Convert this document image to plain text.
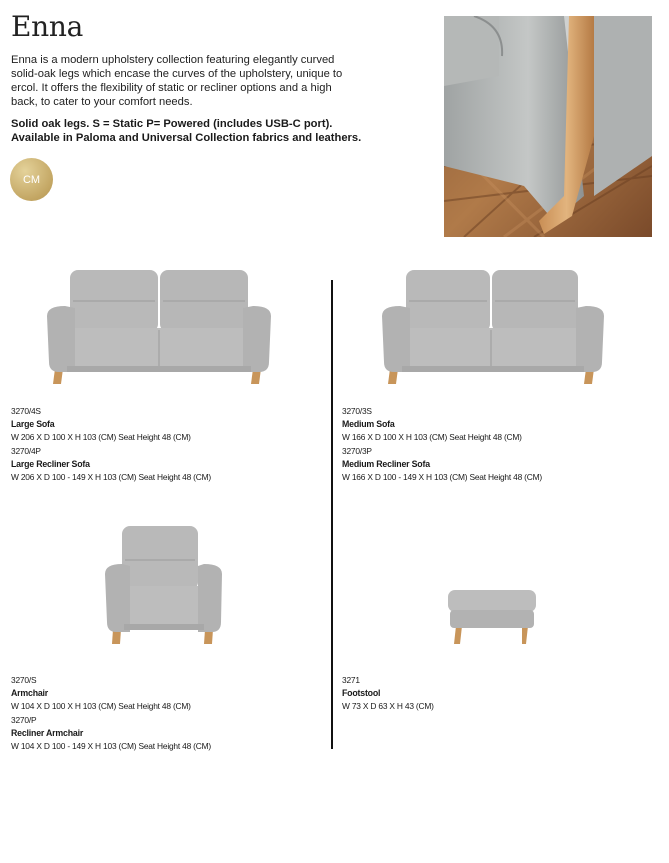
Enna
Enna is a modern upholstery collection featuring elegantly curved solid-oak legs which encase the curves of the upholstery, unique to ercol. It offers the flexibility of static or recliner options and a high back, to cater to your comfort needs.
Solid oak legs. S = Static P= Powered (includes USB-C port).
Available in Paloma and Universal Collection fabrics and leathers.
CM
3270/4S
Large Sofa
W 206 X D 100 X H 103 (CM) Seat Height 48 (CM)
3270/4P
Large Recliner Sofa
W 206 X D 100 - 149 X H 103 (CM) Seat Height 48 (CM)
3270/3S
Medium Sofa
W 166 X D 100 X H 103 (CM) Seat Height 48 (CM)
3270/3P
Medium Recliner Sofa
W 166 X D 100 - 149 X H 103 (CM) Seat Height 48 (CM)
3270/S
Armchair
W 104 X D 100 X H 103 (CM) Seat Height 48 (CM)
3270/P
Recliner Armchair
W 104 X D 100 - 149 X H 103 (CM) Seat Height 48 (CM)
3271
Footstool
W 73 X D 63 X H 43 (CM)
